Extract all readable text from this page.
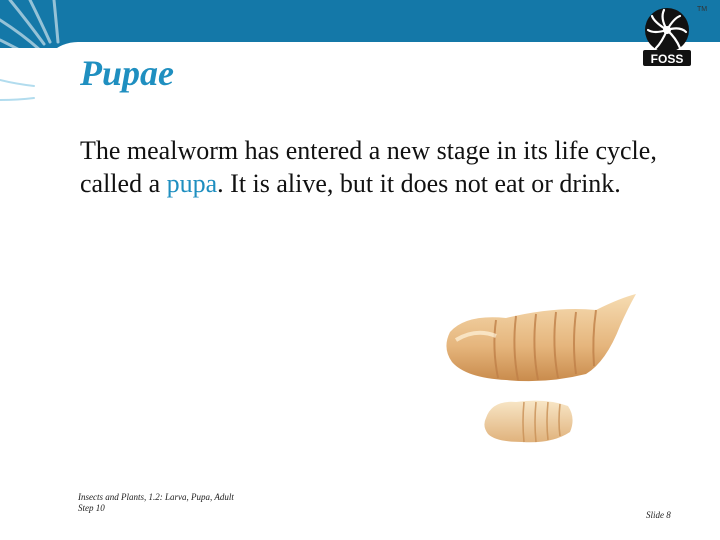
FOSS
TM
Pupae

The mealworm has entered a new stage in its life cycle, called a pupa. It is alive, but it does not eat or drink.

Insects and Plants, 1.2: Larva, Pupa, Adult
Step 10
Slide 8
